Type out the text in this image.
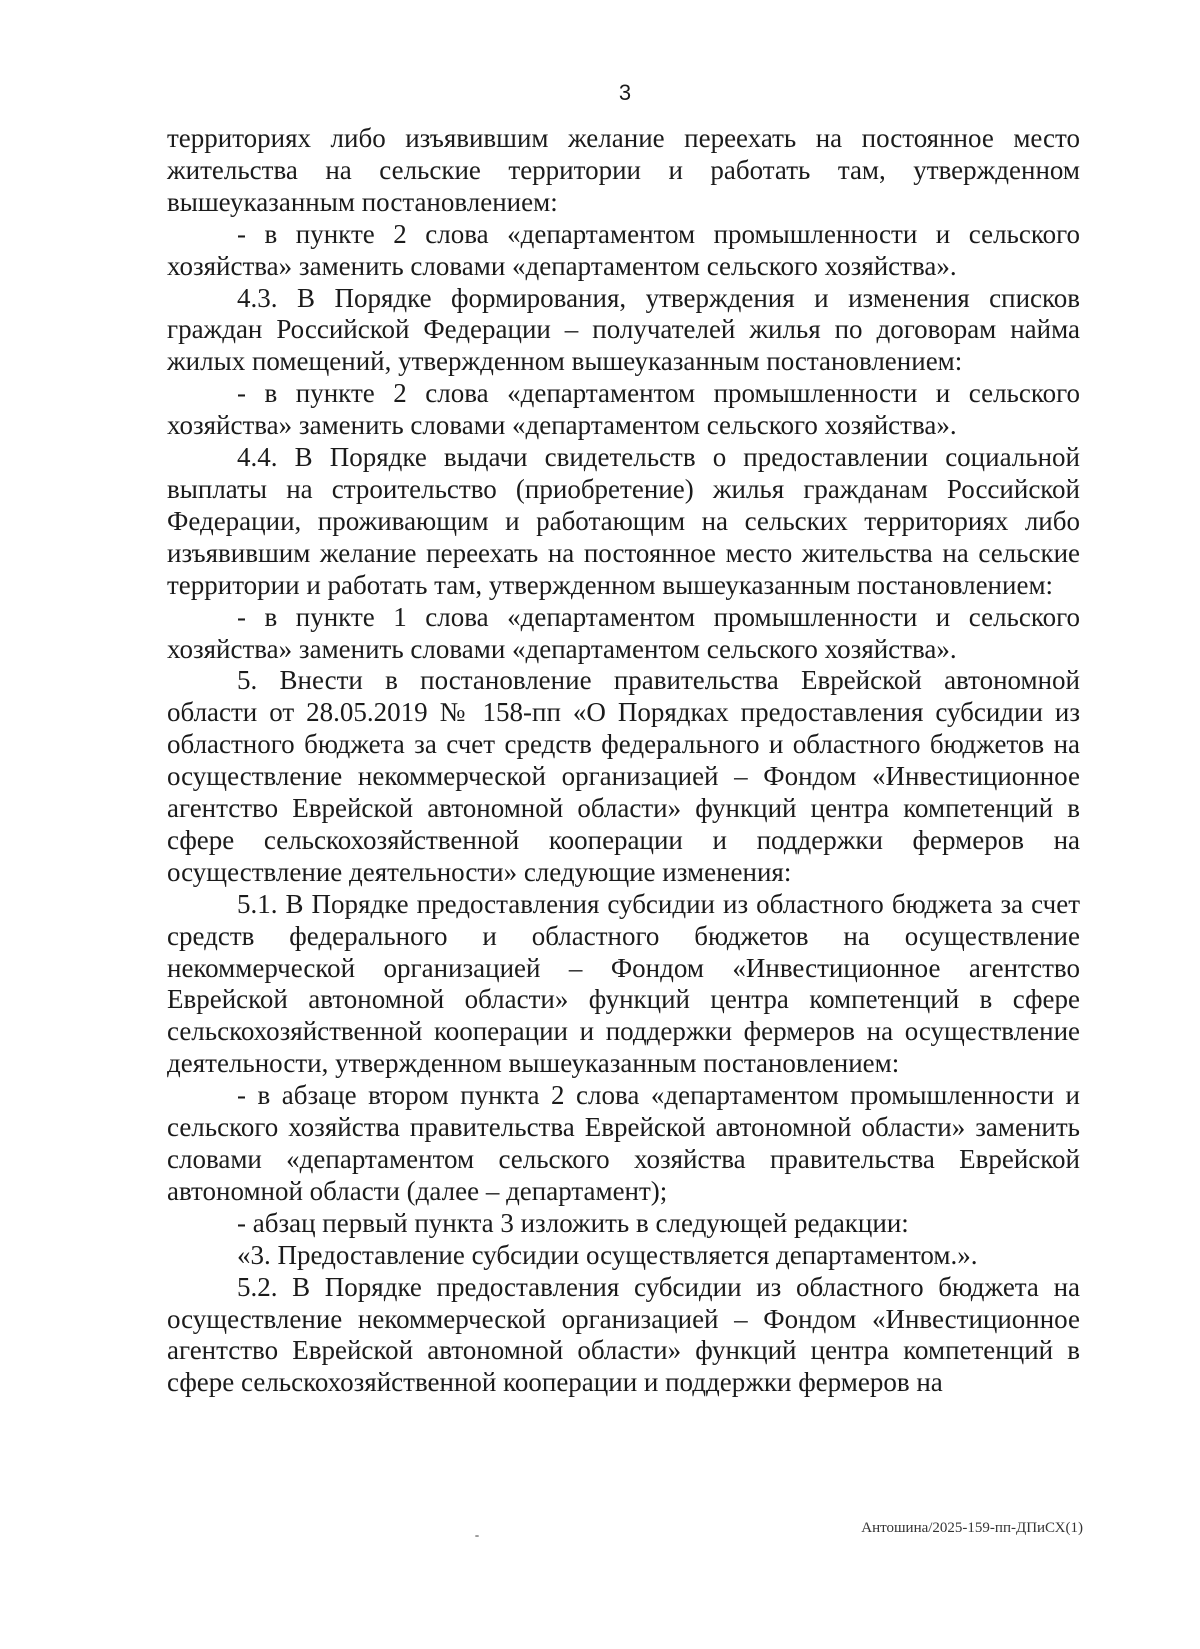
3

территориях либо изъявившим желание переехать на постоянное место жительства на сельские территории и работать там, утвержденном вышеуказанным постановлением:

- в пункте 2 слова «департаментом промышленности и сельского хозяйства» заменить словами «департаментом сельского хозяйства».

4.3. В Порядке формирования, утверждения и изменения списков граждан Российской Федерации – получателей жилья по договорам найма жилых помещений, утвержденном вышеуказанным постановлением:

- в пункте 2 слова «департаментом промышленности и сельского хозяйства» заменить словами «департаментом сельского хозяйства».

4.4. В Порядке выдачи свидетельств о предоставлении социальной выплаты на строительство (приобретение) жилья гражданам Российской Федерации, проживающим и работающим на сельских территориях либо изъявившим желание переехать на постоянное место жительства на сельские территории и работать там, утвержденном вышеуказанным постановлением:

- в пункте 1 слова «департаментом промышленности и сельского хозяйства» заменить словами «департаментом сельского хозяйства».

5. Внести в постановление правительства Еврейской автономной области от 28.05.2019 № 158-пп «О Порядках предоставления субсидии из областного бюджета за счет средств федерального и областного бюджетов на осуществление некоммерческой организацией – Фондом «Инвестиционное агентство Еврейской автономной области» функций центра компетенций в сфере сельскохозяйственной кооперации и поддержки фермеров на осуществление деятельности» следующие изменения:

5.1. В Порядке предоставления субсидии из областного бюджета за счет средств федерального и областного бюджетов на осуществление некоммерческой организацией – Фондом «Инвестиционное агентство Еврейской автономной области» функций центра компетенций в сфере сельскохозяйственной кооперации и поддержки фермеров на осуществление деятельности, утвержденном вышеуказанным постановлением:

- в абзаце втором пункта 2 слова «департаментом промышленности и сельского хозяйства правительства Еврейской автономной области» заменить словами «департаментом сельского хозяйства правительства Еврейской автономной области (далее – департамент);

- абзац первый пункта 3 изложить в следующей редакции:

«3. Предоставление субсидии осуществляется департаментом.».

5.2. В Порядке предоставления субсидии из областного бюджета на осуществление некоммерческой организацией – Фондом «Инвестиционное агентство Еврейской автономной области» функций центра компетенций в сфере сельскохозяйственной кооперации и поддержки фермеров на

Антошина/2025-159-пп-ДПиСХ(1)
